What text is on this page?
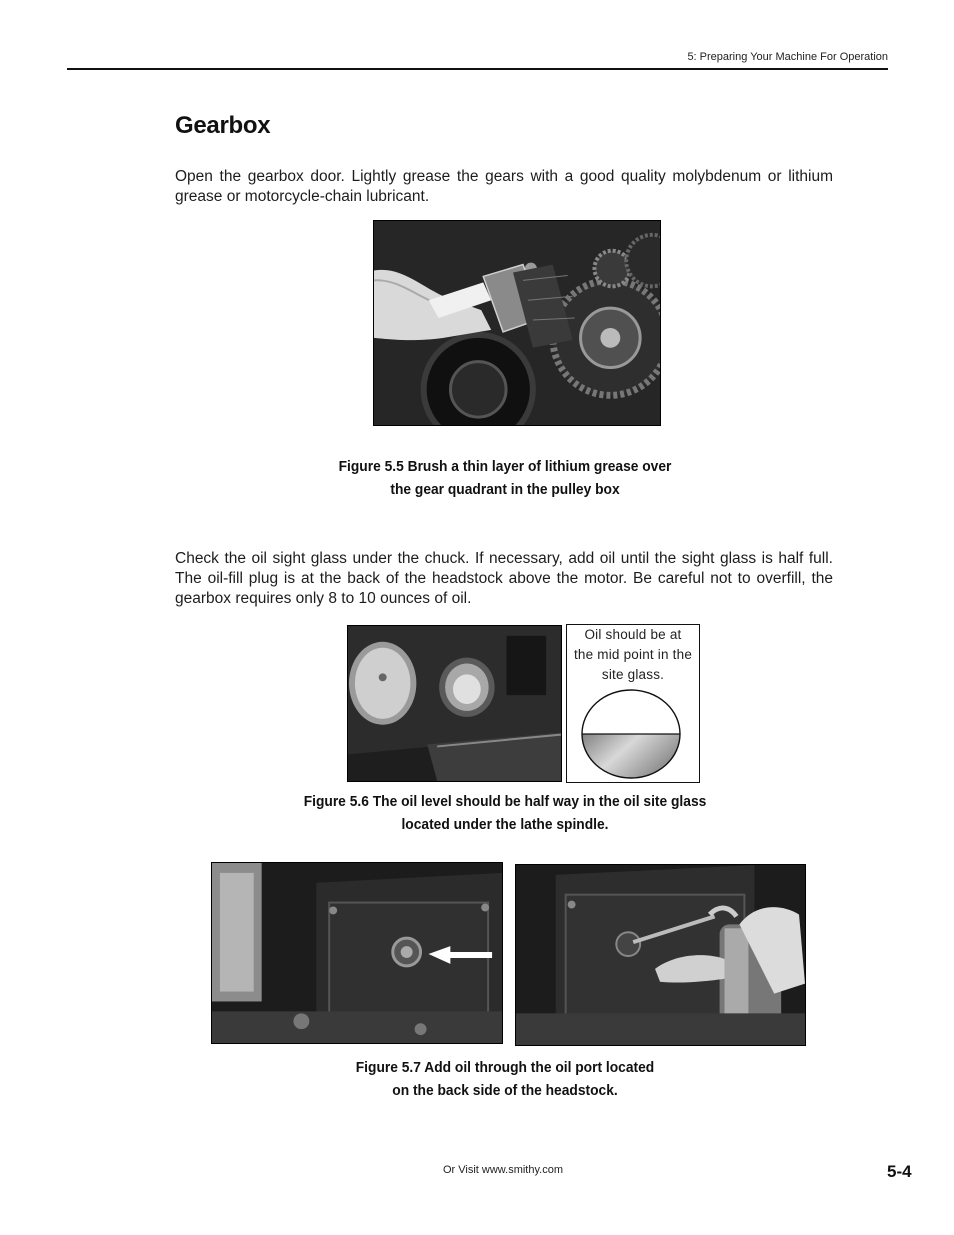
5: Preparing Your Machine For Operation
Gearbox

Open the gearbox door. Lightly grease the gears with a good quality molybdenum or lithium grease or motorcycle-chain lubricant.

Figure 5.5 Brush a thin layer of lithium grease over
the gear quadrant in the pulley box

Check the oil sight glass under the chuck. If necessary, add oil until the sight glass is half full. The oil-fill plug is at the back of the headstock above the motor. Be careful not to overfill, the gearbox requires only 8 to 10 ounces of oil.

Oil should be at
the mid point in the
site glass.
Figure 5.6 The oil level should be half way in the oil site glass
located under the lathe spindle.
Figure 5.7 Add oil through the oil port located
on the back side of the headstock.
Or Visit www.smithy.com	5-4
